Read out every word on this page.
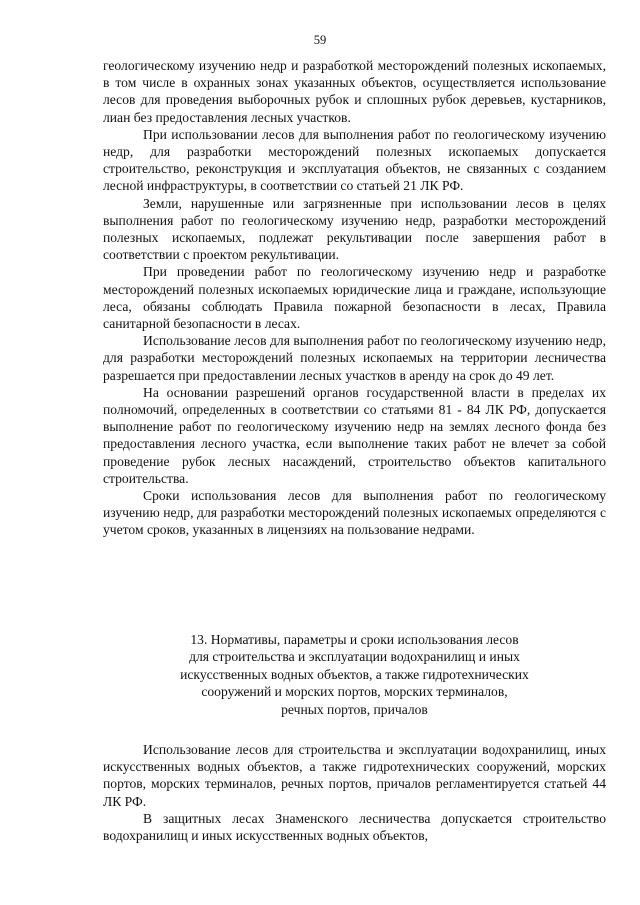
59

геологическому изучению недр и разработкой месторождений полезных ископаемых, в том числе в охранных зонах указанных объектов, осуществляется использование лесов для проведения выборочных рубок и сплошных рубок деревьев, кустарников, лиан без предоставления лесных участков.

При использовании лесов для выполнения работ по геологическому изучению недр, для разработки месторождений полезных ископаемых допускается строительство, реконструкция и эксплуатация объектов, не связанных с созданием лесной инфраструктуры, в соответствии со статьей 21 ЛК РФ.

Земли, нарушенные или загрязненные при использовании лесов в целях выполнения работ по геологическому изучению недр, разработки месторождений полезных ископаемых, подлежат рекультивации после завершения работ в соответствии с проектом рекультивации.

При проведении работ по геологическому изучению недр и разработке месторождений полезных ископаемых юридические лица и граждане, использующие леса, обязаны соблюдать Правила пожарной безопасности в лесах, Правила санитарной безопасности в лесах.

Использование лесов для выполнения работ по геологическому изучению недр, для разработки месторождений полезных ископаемых на территории лесничества разрешается при предоставлении лесных участков в аренду на срок до 49 лет.

На основании разрешений органов государственной власти в пределах их полномочий, определенных в соответствии со статьями 81 - 84 ЛК РФ, допускается выполнение работ по геологическому изучению недр на землях лесного фонда без предоставления лесного участка, если выполнение таких работ не влечет за собой проведение рубок лесных насаждений, строительство объектов капитального строительства.

Сроки использования лесов для выполнения работ по геологическому изучению недр, для разработки месторождений полезных ископаемых определяются с учетом сроков, указанных в лицензиях на пользование недрами.

13. Нормативы, параметры и сроки использования лесов
для строительства и эксплуатации водохранилищ и иных
искусственных водных объектов, а также гидротехнических
сооружений и морских портов, морских терминалов,
речных портов, причалов

Использование лесов для строительства и эксплуатации водохранилищ, иных искусственных водных объектов, а также гидротехнических сооружений, морских портов, морских терминалов, речных портов, причалов регламентируется статьей 44 ЛК РФ.

В защитных лесах Знаменского лесничества допускается строительство водохранилищ и иных искусственных водных объектов,
